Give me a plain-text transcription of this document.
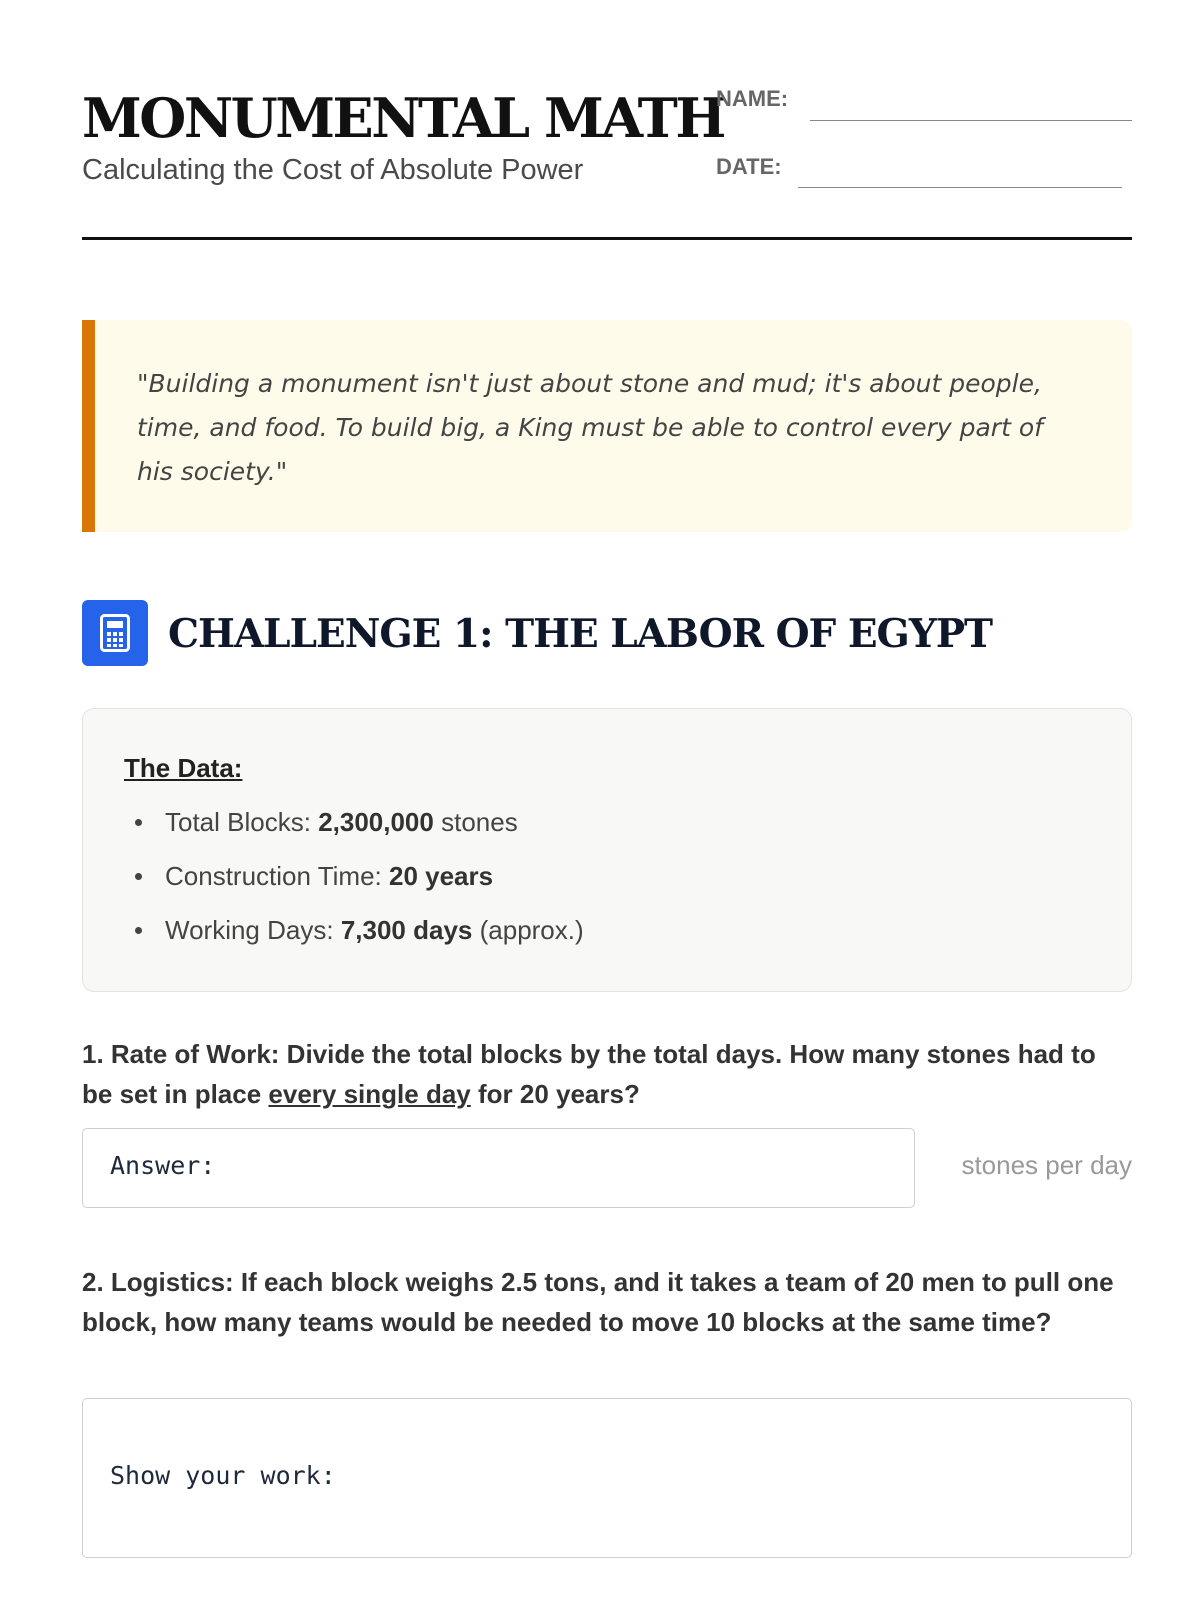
MONUMENTAL MATH
Calculating the Cost of Absolute Power
NAME:
DATE:

"Building a monument isn't just about stone and mud; it's about people, time, and food. To build big, a King must be able to control every part of his society."

CHALLENGE 1: THE LABOR OF EGYPT
The Data:
Total Blocks: 2,300,000 stones
Construction Time: 20 years
Working Days: 7,300 days (approx.)

1. Rate of Work: Divide the total blocks by the total days. How many stones had to be set in place every single day for 20 years?

Answer:	stones per day

2. Logistics: If each block weighs 2.5 tons, and it takes a team of 20 men to pull one block, how many teams would be needed to move 10 blocks at the same time?

Show your work:
